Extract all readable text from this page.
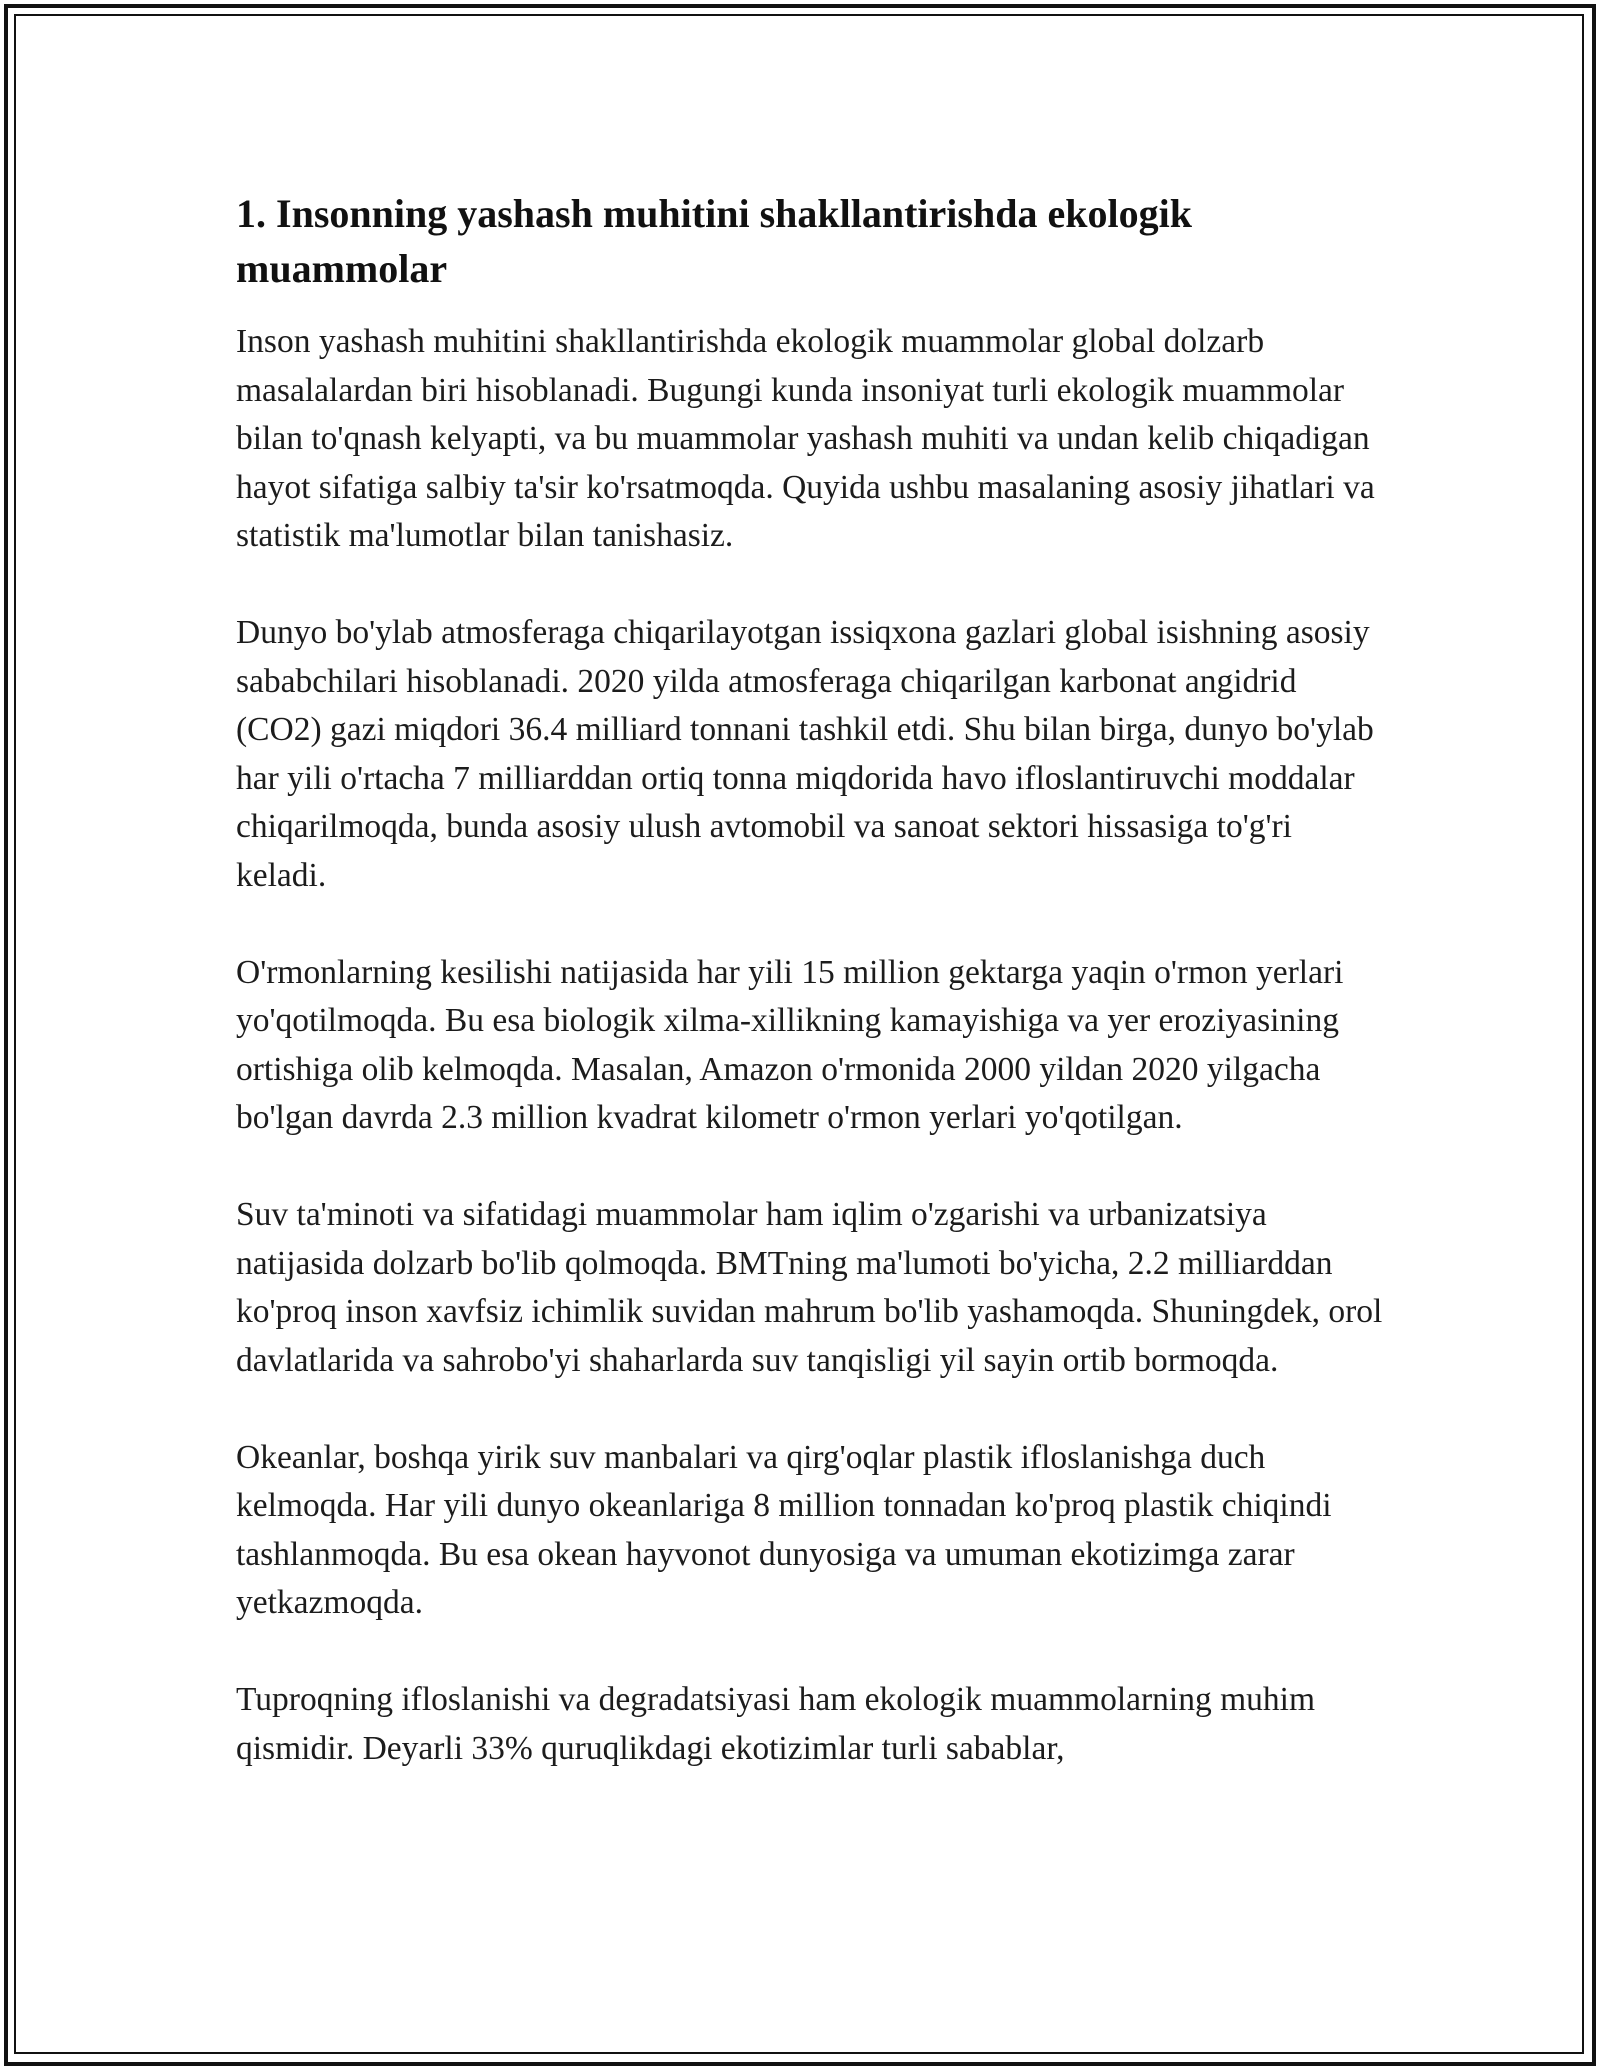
1. Insonning yashash muhitini shakllantirishda ekologik muammolar

Inson yashash muhitini shakllantirishda ekologik muammolar global dolzarb masalalardan biri hisoblanadi. Bugungi kunda insoniyat turli ekologik muammolar bilan to'qnash kelyapti, va bu muammolar yashash muhiti va undan kelib chiqadigan hayot sifatiga salbiy ta'sir ko'rsatmoqda. Quyida ushbu masalaning asosiy jihatlari va statistik ma'lumotlar bilan tanishasiz.

Dunyo bo'ylab atmosferaga chiqarilayotgan issiqxona gazlari global isishning asosiy sababchilari hisoblanadi. 2020 yilda atmosferaga chiqarilgan karbonat angidrid (CO2) gazi miqdori 36.4 milliard tonnani tashkil etdi. Shu bilan birga, dunyo bo'ylab har yili o'rtacha 7 milliarddan ortiq tonna miqdorida havo ifloslantiruvchi moddalar chiqarilmoqda, bunda asosiy ulush avtomobil va sanoat sektori hissasiga to'g'ri keladi.

O'rmonlarning kesilishi natijasida har yili 15 million gektarga yaqin o'rmon yerlari yo'qotilmoqda. Bu esa biologik xilma-xillikning kamayishiga va yer eroziyasining ortishiga olib kelmoqda. Masalan, Amazon o'rmonida 2000 yildan 2020 yilgacha bo'lgan davrda 2.3 million kvadrat kilometr o'rmon yerlari yo'qotilgan.

Suv ta'minoti va sifatidagi muammolar ham iqlim o'zgarishi va urbanizatsiya natijasida dolzarb bo'lib qolmoqda. BMTning ma'lumoti bo'yicha, 2.2 milliarddan ko'proq inson xavfsiz ichimlik suvidan mahrum bo'lib yashamoqda. Shuningdek, orol davlatlarida va sahrobo'yi shaharlarda suv tanqisligi yil sayin ortib bormoqda.

Okeanlar, boshqa yirik suv manbalari va qirg'oqlar plastik ifloslanishga duch kelmoqda. Har yili dunyo okeanlariga 8 million tonnadan ko'proq plastik chiqindi tashlanmoqda. Bu esa okean hayvonot dunyosiga va umuman ekotizimga zarar yetkazmoqda.

Tuproqning ifloslanishi va degradatsiyasi ham ekologik muammolarning muhim qismidir. Deyarli 33% quruqlikdagi ekotizimlar turli sabablar,
